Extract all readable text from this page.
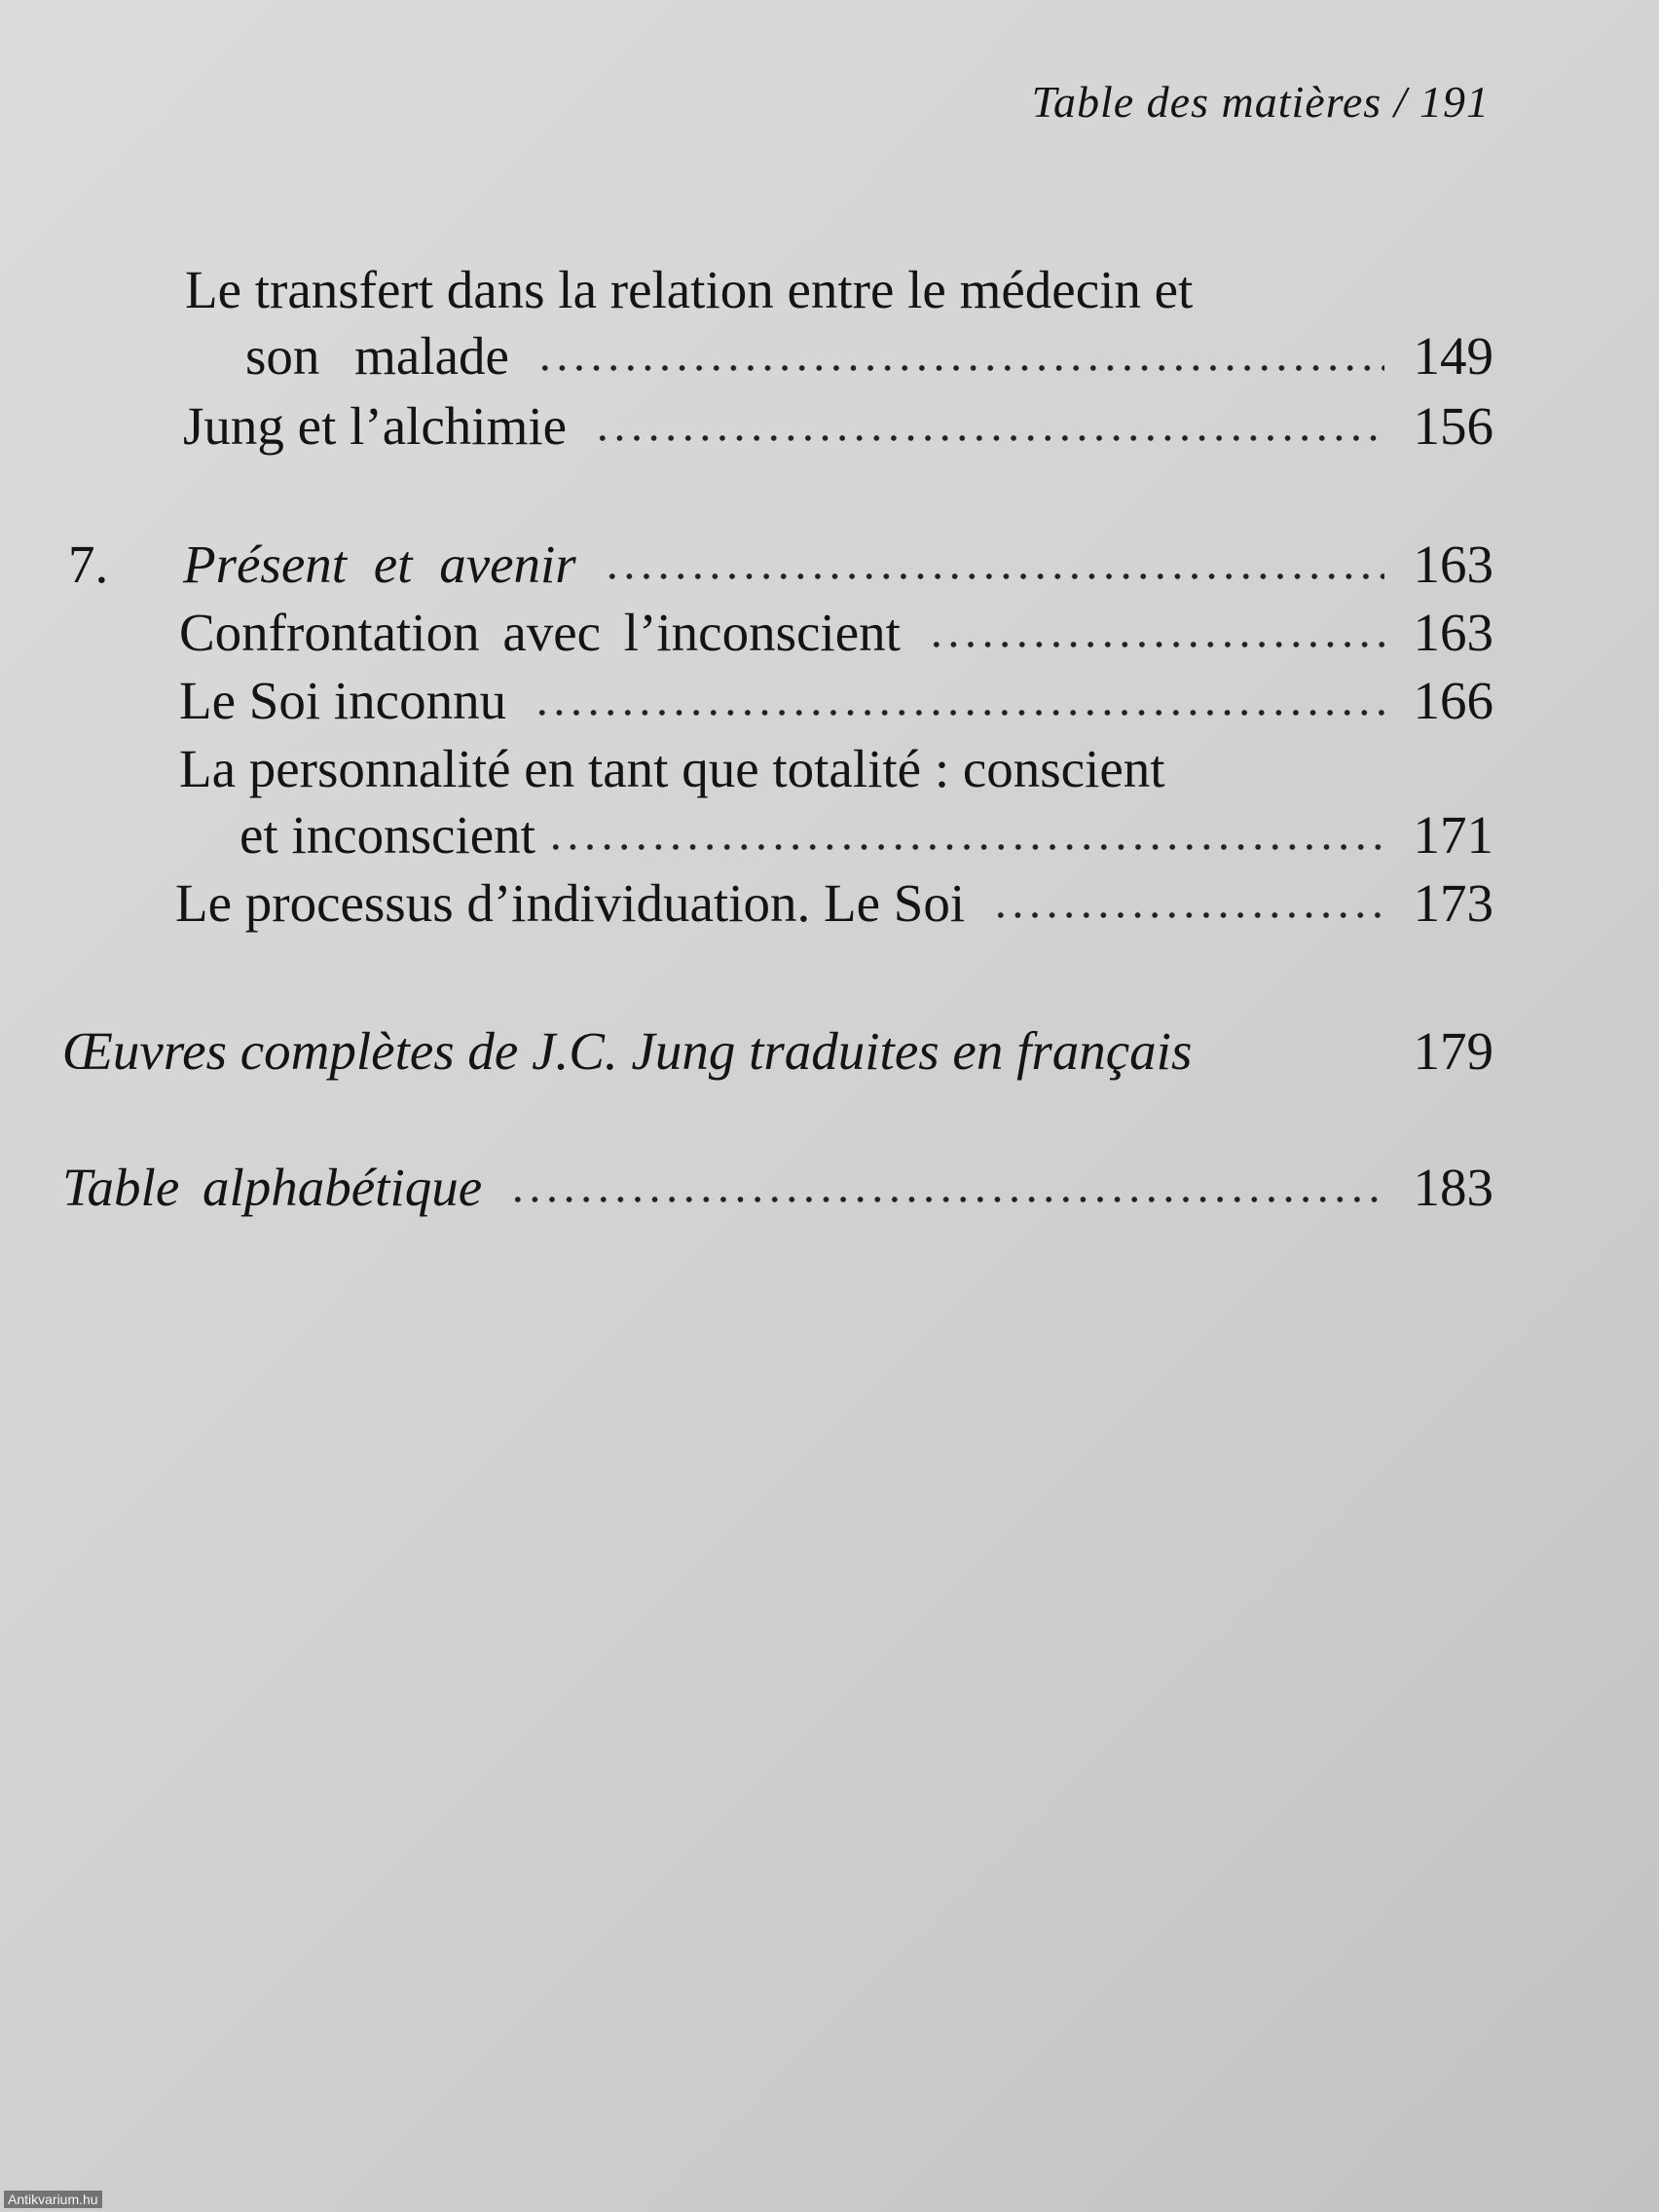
Table des matières / 191
Le transfert dans la relation entre le médecin et
son malade	149
Jung et l’alchimie	156
7. Présent et avenir	163
Confrontation avec l’inconscient	163
Le Soi inconnu	166
La personnalité en tant que totalité : conscient
et inconscient	171
Le processus d’individuation. Le Soi	173
Œuvres complètes de J.C. Jung traduites en français	179
Table alphabétique	183
Antikvarium.hu
